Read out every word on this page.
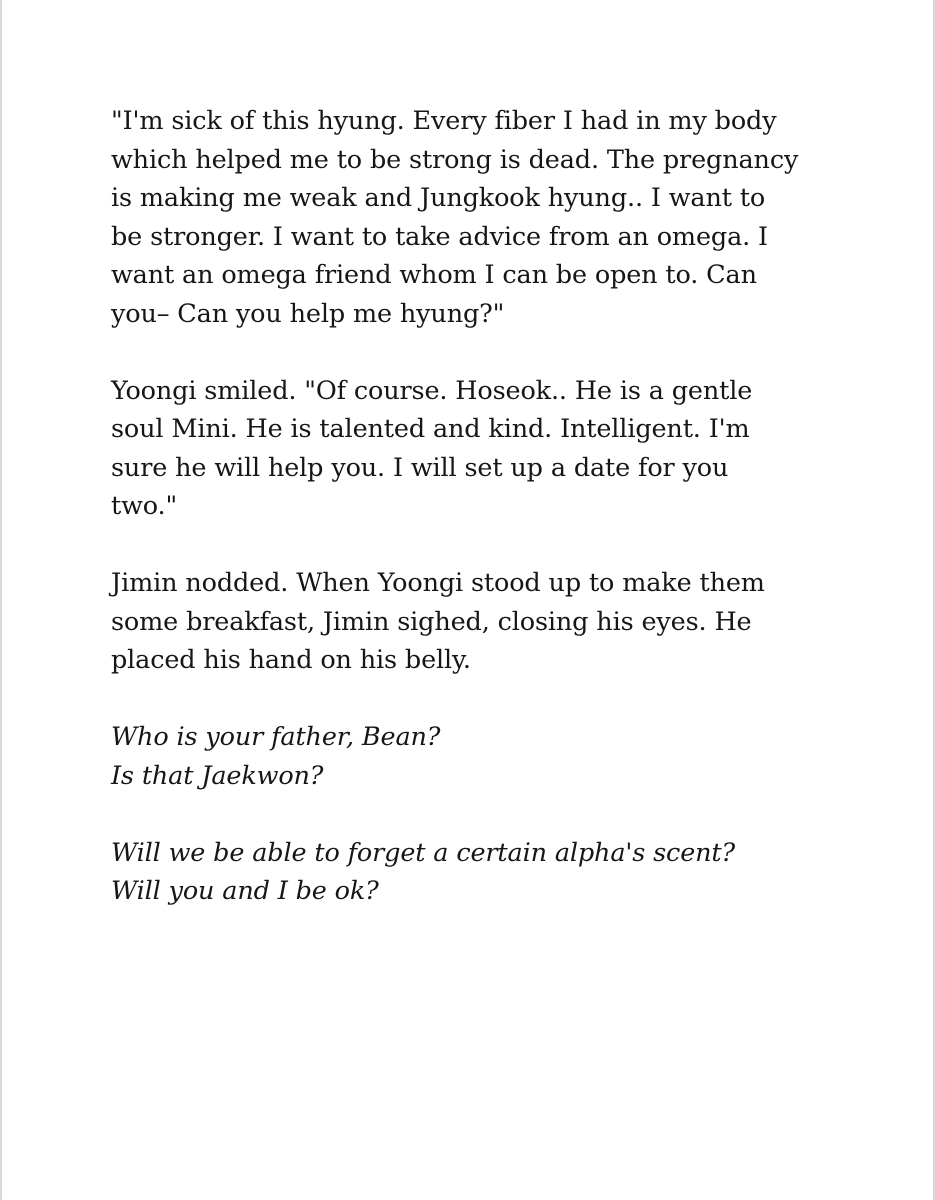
"I'm sick of this hyung. Every fiber I had in my body
which helped me to be strong is dead. The pregnancy
is making me weak and Jungkook hyung.. I want to
be stronger. I want to take advice from an omega. I
want an omega friend whom I can be open to. Can
you– Can you help me hyung?"

Yoongi smiled. "Of course. Hoseok.. He is a gentle
soul Mini. He is talented and kind. Intelligent. I'm
sure he will help you. I will set up a date for you
two."

Jimin nodded. When Yoongi stood up to make them
some breakfast, Jimin sighed, closing his eyes. He
placed his hand on his belly.

Who is your father, Bean?
Is that Jaekwon?

Will we be able to forget a certain alpha's scent?
Will you and I be ok?
